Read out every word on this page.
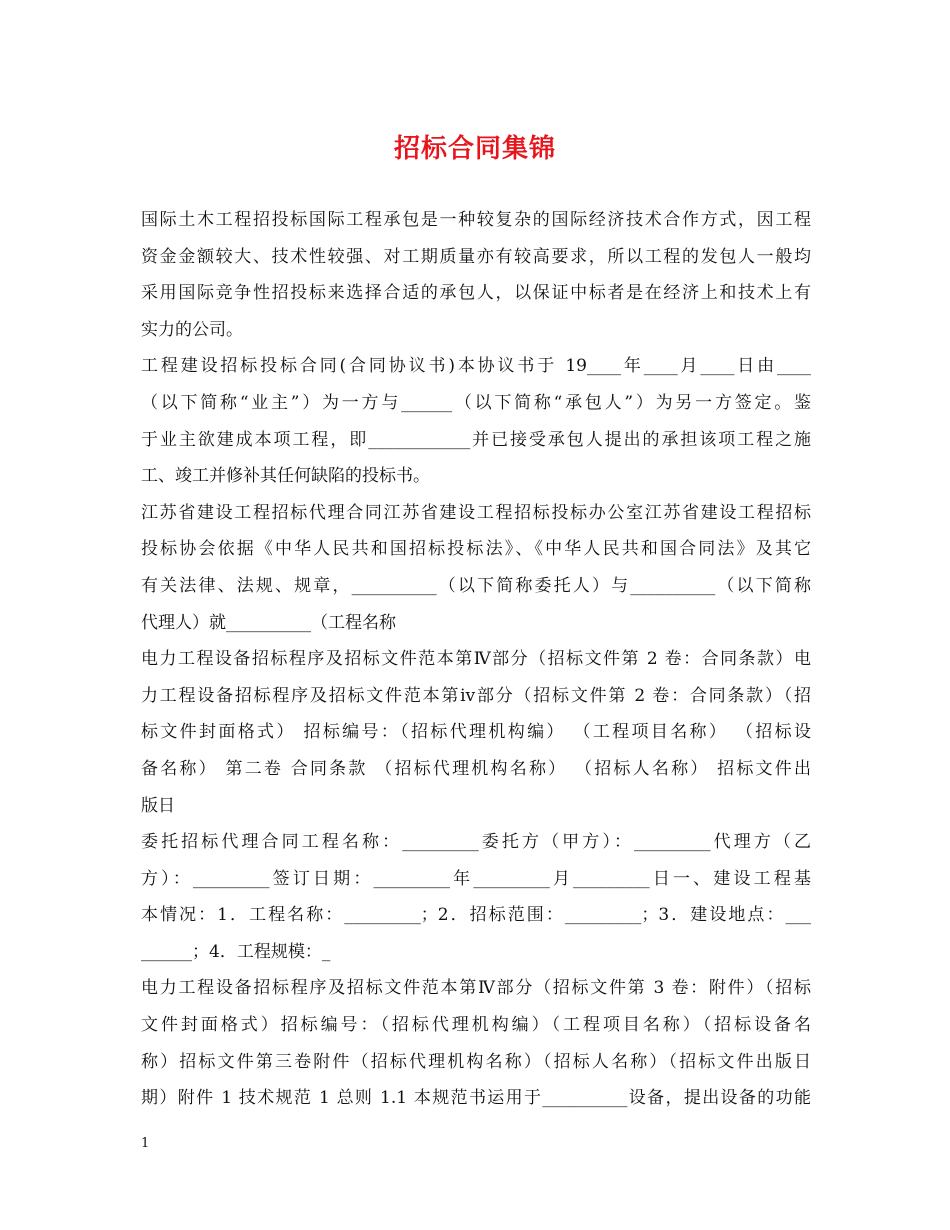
招标合同集锦
国际土木工程招投标国际工程承包是一种较复杂的国际经济技术合作方式，因工程
资金金额较大、技术性较强、对工期质量亦有较高要求，所以工程的发包人一般均
采用国际竞争性招投标来选择合适的承包人，以保证中标者是在经济上和技术上有
实力的公司。
工程建设招标投标合同(合同协议书)本协议书于 19____年____月____日由____
（以下简称“业主”）为一方与______（以下简称“承包人”）为另一方签定。鉴
于业主欲建成本项工程，即____________并已接受承包人提出的承担该项工程之施
工、竣工并修补其任何缺陷的投标书。
江苏省建设工程招标代理合同江苏省建设工程招标投标办公室江苏省建设工程招标
投标协会依据《中华人民共和国招标投标法》、《中华人民共和国合同法》及其它
有关法律、法规、规章，__________（以下简称委托人）与__________（以下简称
代理人）就__________（工程名称
电力工程设备招标程序及招标文件范本第Ⅳ部分（招标文件第 2 卷：合同条款）电
力工程设备招标程序及招标文件范本第ⅳ部分（招标文件第 2 卷：合同条款）（招
标文件封面格式） 招标编号：（招标代理机构编） （工程项目名称） （招标设
备名称） 第二卷 合同条款 （招标代理机构名称） （招标人名称） 招标文件出
版日
委托招标代理合同工程名称：_________委托方（甲方）：_________代理方（乙
方）：_________签订日期：_________年_________月_________日一、建设工程基
本情况：1．工程名称：_________；2．招标范围：_________；3．建设地点：___
______；4．工程规模：_
电力工程设备招标程序及招标文件范本第Ⅳ部分（招标文件第 3 卷：附件）（招标
文件封面格式）招标编号：（招标代理机构编）（工程项目名称）（招标设备名
称）招标文件第三卷附件（招标代理机构名称）（招标人名称）（招标文件出版日
期）附件 1 技术规范 1 总则 1.1 本规范书运用于__________设备，提出设备的功能
1
